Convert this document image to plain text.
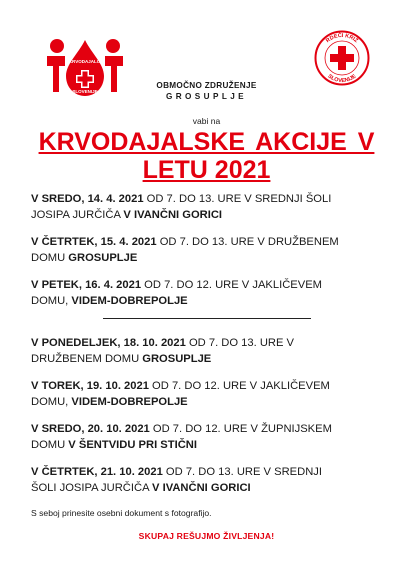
KRVODAJALCI
SLOVENIJE
RDEČI KRIŽ
SLOVENIJE
OBMOČNO ZDRUŽENJE
GROSUPLJE
vabi na
KRVODAJALSKE AKCIJE V
LETU 2021
V SREDO, 14. 4. 2021 OD 7. DO 13. URE V SREDNJI ŠOLI
JOSIPA JURČIČA V IVANČNI GORICI
V ČETRTEK, 15. 4. 2021 OD 7. DO 13. URE V DRUŽBENEM
DOMU GROSUPLJE
V PETEK, 16. 4. 2021 OD 7. DO 12. URE V JAKLIČEVEM
DOMU, VIDEM-DOBREPOLJE
V PONEDELJEK, 18. 10. 2021 OD 7. DO 13. URE V
DRUŽBENEM DOMU GROSUPLJE
V TOREK, 19. 10. 2021 OD 7. DO 12. URE V JAKLIČEVEM
DOMU, VIDEM-DOBREPOLJE
V SREDO, 20. 10. 2021 OD 7. DO 12. URE V ŽUPNIJSKEM
DOMU V ŠENTVIDU PRI STIČNI
V ČETRTEK, 21. 10. 2021 OD 7. DO 13. URE V SREDNJI
ŠOLI JOSIPA JURČIČA V IVANČNI GORICI
S seboj prinesite osebni dokument s fotografijo.
SKUPAJ REŠUJMO ŽIVLJENJA!
